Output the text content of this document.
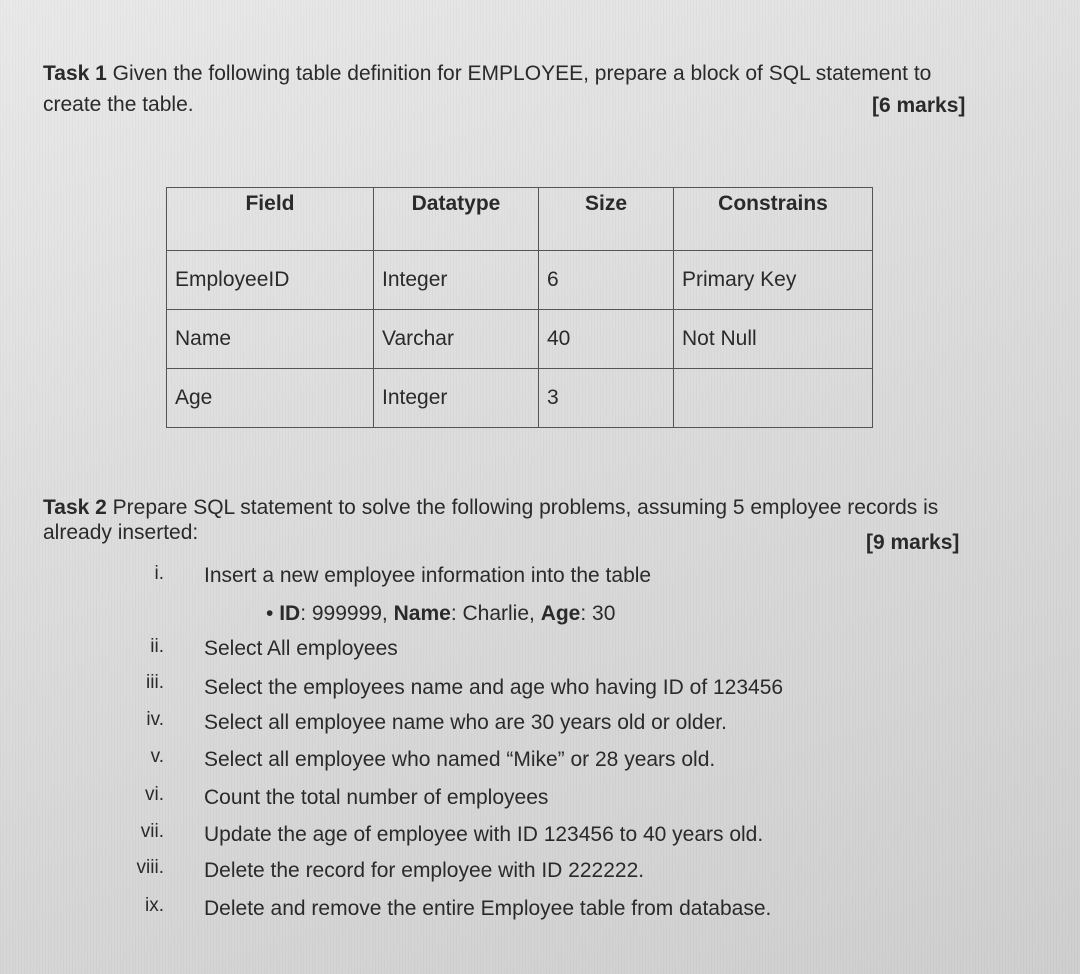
Task 1 Given the following table definition for EMPLOYEE, prepare a block of SQL statement to
create the table.	[6 marks]
Field	Datatype	Size	Constrains
EmployeeID	Integer	6	Primary Key
Name	Varchar	40	Not Null
Age	Integer	3	
Task 2 Prepare SQL statement to solve the following problems, assuming 5 employee records is
already inserted:	[9 marks]
i. Insert a new employee information into the table
• ID: 999999, Name: Charlie, Age: 30
ii. Select All employees
iii. Select the employees name and age who having ID of 123456
iv. Select all employee name who are 30 years old or older.
v. Select all employee who named “Mike” or 28 years old.
vi. Count the total number of employees
vii. Update the age of employee with ID 123456 to 40 years old.
viii. Delete the record for employee with ID 222222.
ix. Delete and remove the entire Employee table from database.
